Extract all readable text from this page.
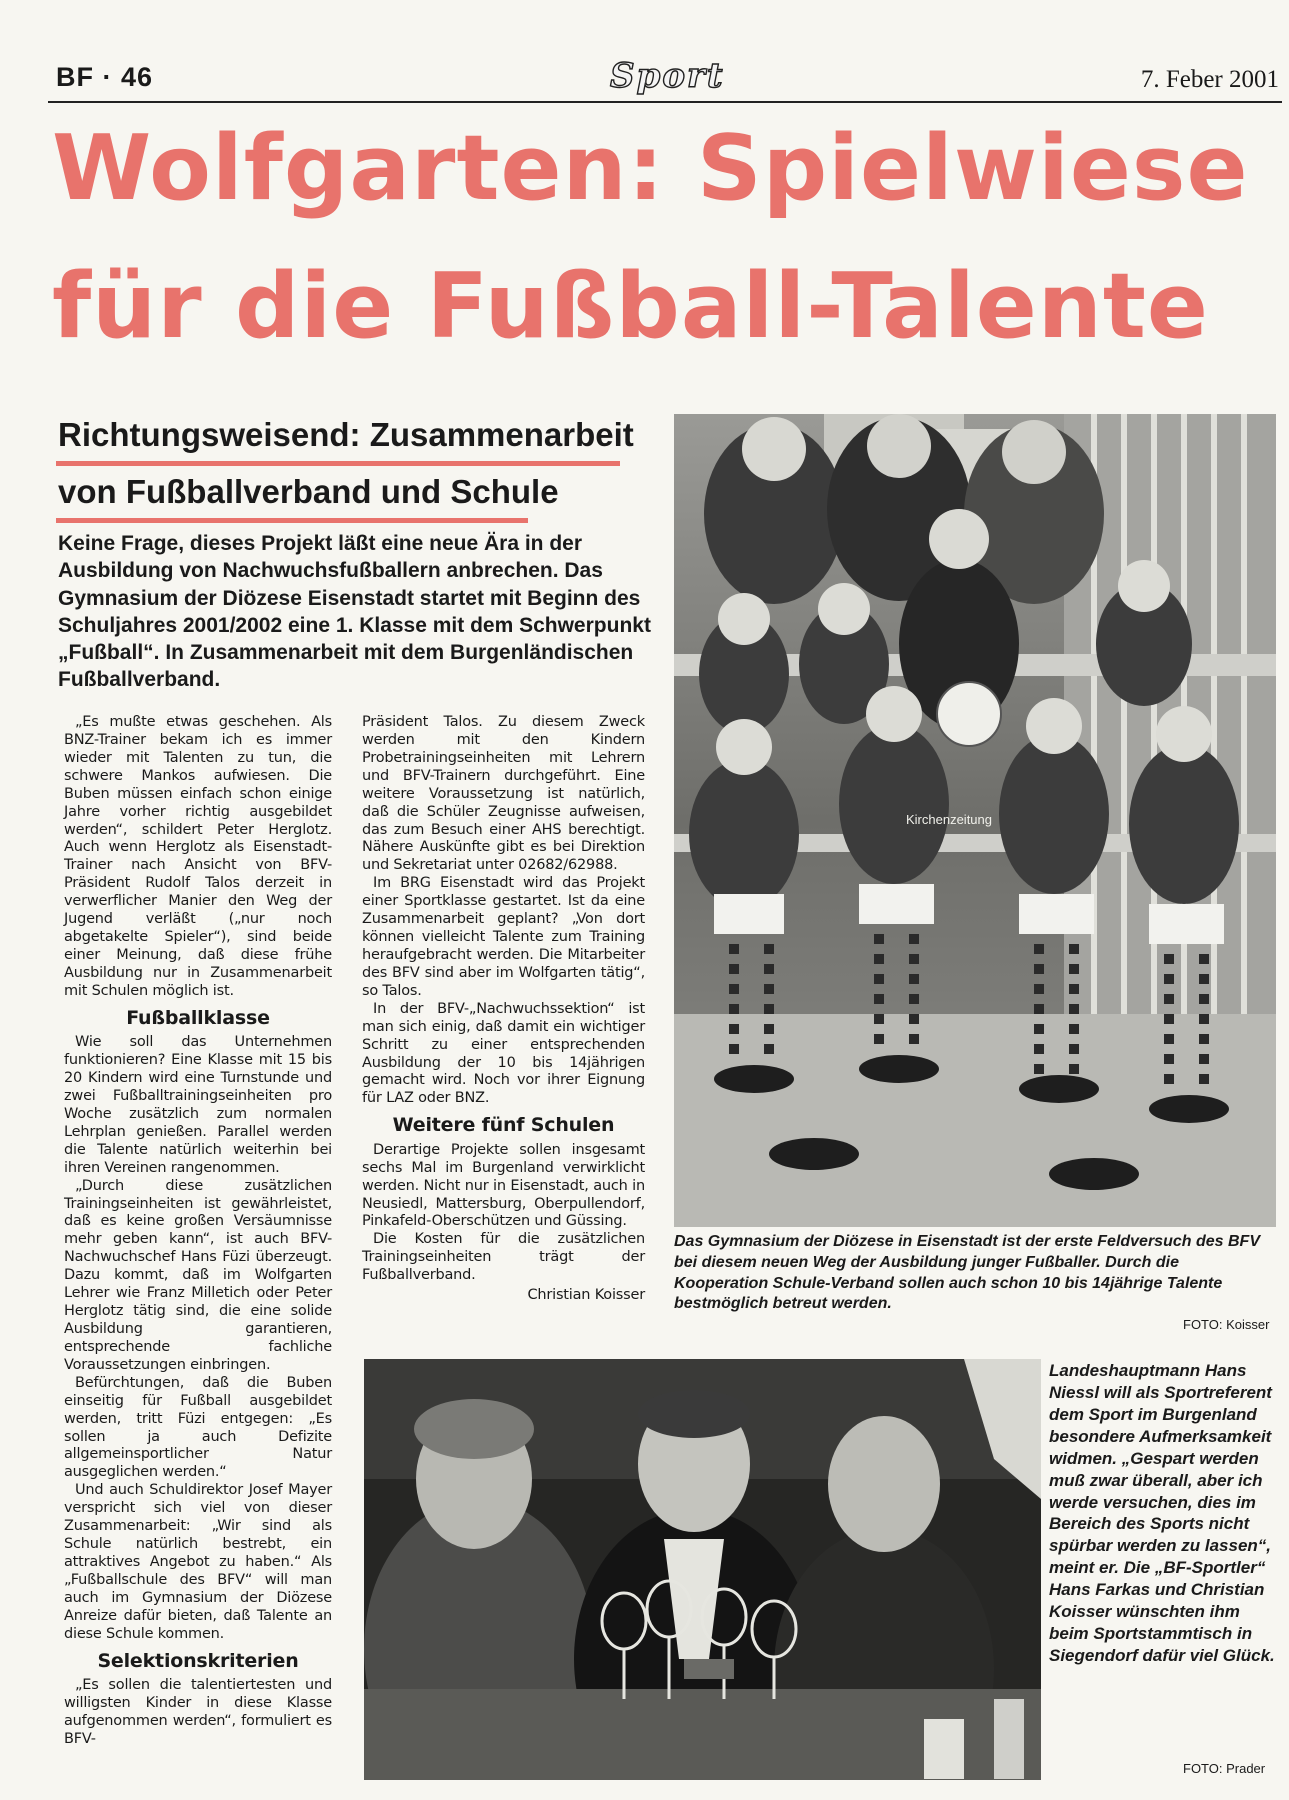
BF · 46	Sport	7. Feber 2001
Wolfgarten: Spielwiese
für die Fußball-Talente
Richtungsweisend: Zusammenarbeit
von Fußballverband und Schule
Keine Frage, dieses Projekt läßt eine neue Ära in der Ausbildung von Nachwuchsfußballern anbrechen. Das Gymnasium der Diözese Eisenstadt startet mit Beginn des Schuljahres 2001/2002 eine 1. Klasse mit dem Schwerpunkt „Fußball“. In Zusammenarbeit mit dem Burgenländischen Fußballverband.

„Es mußte etwas geschehen. Als BNZ-Trainer bekam ich es immer wieder mit Talenten zu tun, die schwere Mankos aufwiesen. Die Buben müssen einfach schon einige Jahre vorher richtig ausgebildet werden“, schildert Peter Herglotz. Auch wenn Herglotz als Eisenstadt-Trainer nach Ansicht von BFV-Präsident Rudolf Talos derzeit in verwerflicher Manier den Weg der Jugend verläßt („nur noch abgetakelte Spieler“), sind beide einer Meinung, daß diese frühe Ausbildung nur in Zusammenarbeit mit Schulen möglich ist.

Fußballklasse

Wie soll das Unternehmen funktionieren? Eine Klasse mit 15 bis 20 Kindern wird eine Turnstunde und zwei Fußballtrainingseinheiten pro Woche zusätzlich zum normalen Lehrplan genießen. Parallel werden die Talente natürlich weiterhin bei ihren Vereinen rangenommen.

„Durch diese zusätzlichen Trainingseinheiten ist gewährleistet, daß es keine großen Versäumnisse mehr geben kann“, ist auch BFV-Nachwuchschef Hans Füzi überzeugt. Dazu kommt, daß im Wolfgarten Lehrer wie Franz Milletich oder Peter Herglotz tätig sind, die eine solide Ausbildung garantieren, entsprechende fachliche Voraussetzungen einbringen.

Befürchtungen, daß die Buben einseitig für Fußball ausgebildet werden, tritt Füzi entgegen: „Es sollen ja auch Defizite allgemeinsportlicher Natur ausgeglichen werden.“

Und auch Schuldirektor Josef Mayer verspricht sich viel von dieser Zusammenarbeit: „Wir sind als Schule natürlich bestrebt, ein attraktives Angebot zu haben.“ Als „Fußballschule des BFV“ will man auch im Gymnasium der Diözese Anreize dafür bieten, daß Talente an diese Schule kommen.

Selektionskriterien

„Es sollen die talentiertesten und willigsten Kinder in diese Klasse aufgenommen werden“, formuliert es BFV-

Präsident Talos. Zu diesem Zweck werden mit den Kindern Probetrainingseinheiten mit Lehrern und BFV-Trainern durchgeführt. Eine weitere Voraussetzung ist natürlich, daß die Schüler Zeugnisse aufweisen, das zum Besuch einer AHS berechtigt. Nähere Auskünfte gibt es bei Direktion und Sekretariat unter 02682/62988.

Im BRG Eisenstadt wird das Projekt einer Sportklasse gestartet. Ist da eine Zusammenarbeit geplant? „Von dort können vielleicht Talente zum Training heraufgebracht werden. Die Mitarbeiter des BFV sind aber im Wolfgarten tätig“, so Talos.

In der BFV-„Nachwuchssektion“ ist man sich einig, daß damit ein wichtiger Schritt zu einer entsprechenden Ausbildung der 10 bis 14jährigen gemacht wird. Noch vor ihrer Eignung für LAZ oder BNZ.

Weitere fünf Schulen

Derartige Projekte sollen insgesamt sechs Mal im Burgenland verwirklicht werden. Nicht nur in Eisenstadt, auch in Neusiedl, Mattersburg, Oberpullendorf, Pinkafeld-Oberschützen und Güssing.

Die Kosten für die zusätzlichen Trainingseinheiten trägt der Fußballverband.

Christian Koisser
Kirchenzeitung
Das Gymnasium der Diözese in Eisenstadt ist der erste Feldversuch des BFV bei diesem neuen Weg der Ausbildung junger Fußballer. Durch die Kooperation Schule-Verband sollen auch schon 10 bis 14jährige Talente bestmöglich betreut werden.
FOTO: Koisser
Landeshauptmann Hans Niessl will als Sportreferent dem Sport im Burgenland besondere Aufmerksamkeit widmen. „Gespart werden muß zwar überall, aber ich werde versuchen, dies im Bereich des Sports nicht spürbar werden zu lassen“, meint er. Die „BF-Sportler“ Hans Farkas und Christian Koisser wünschten ihm beim Sportstammtisch in Siegendorf dafür viel Glück.
FOTO: Prader
